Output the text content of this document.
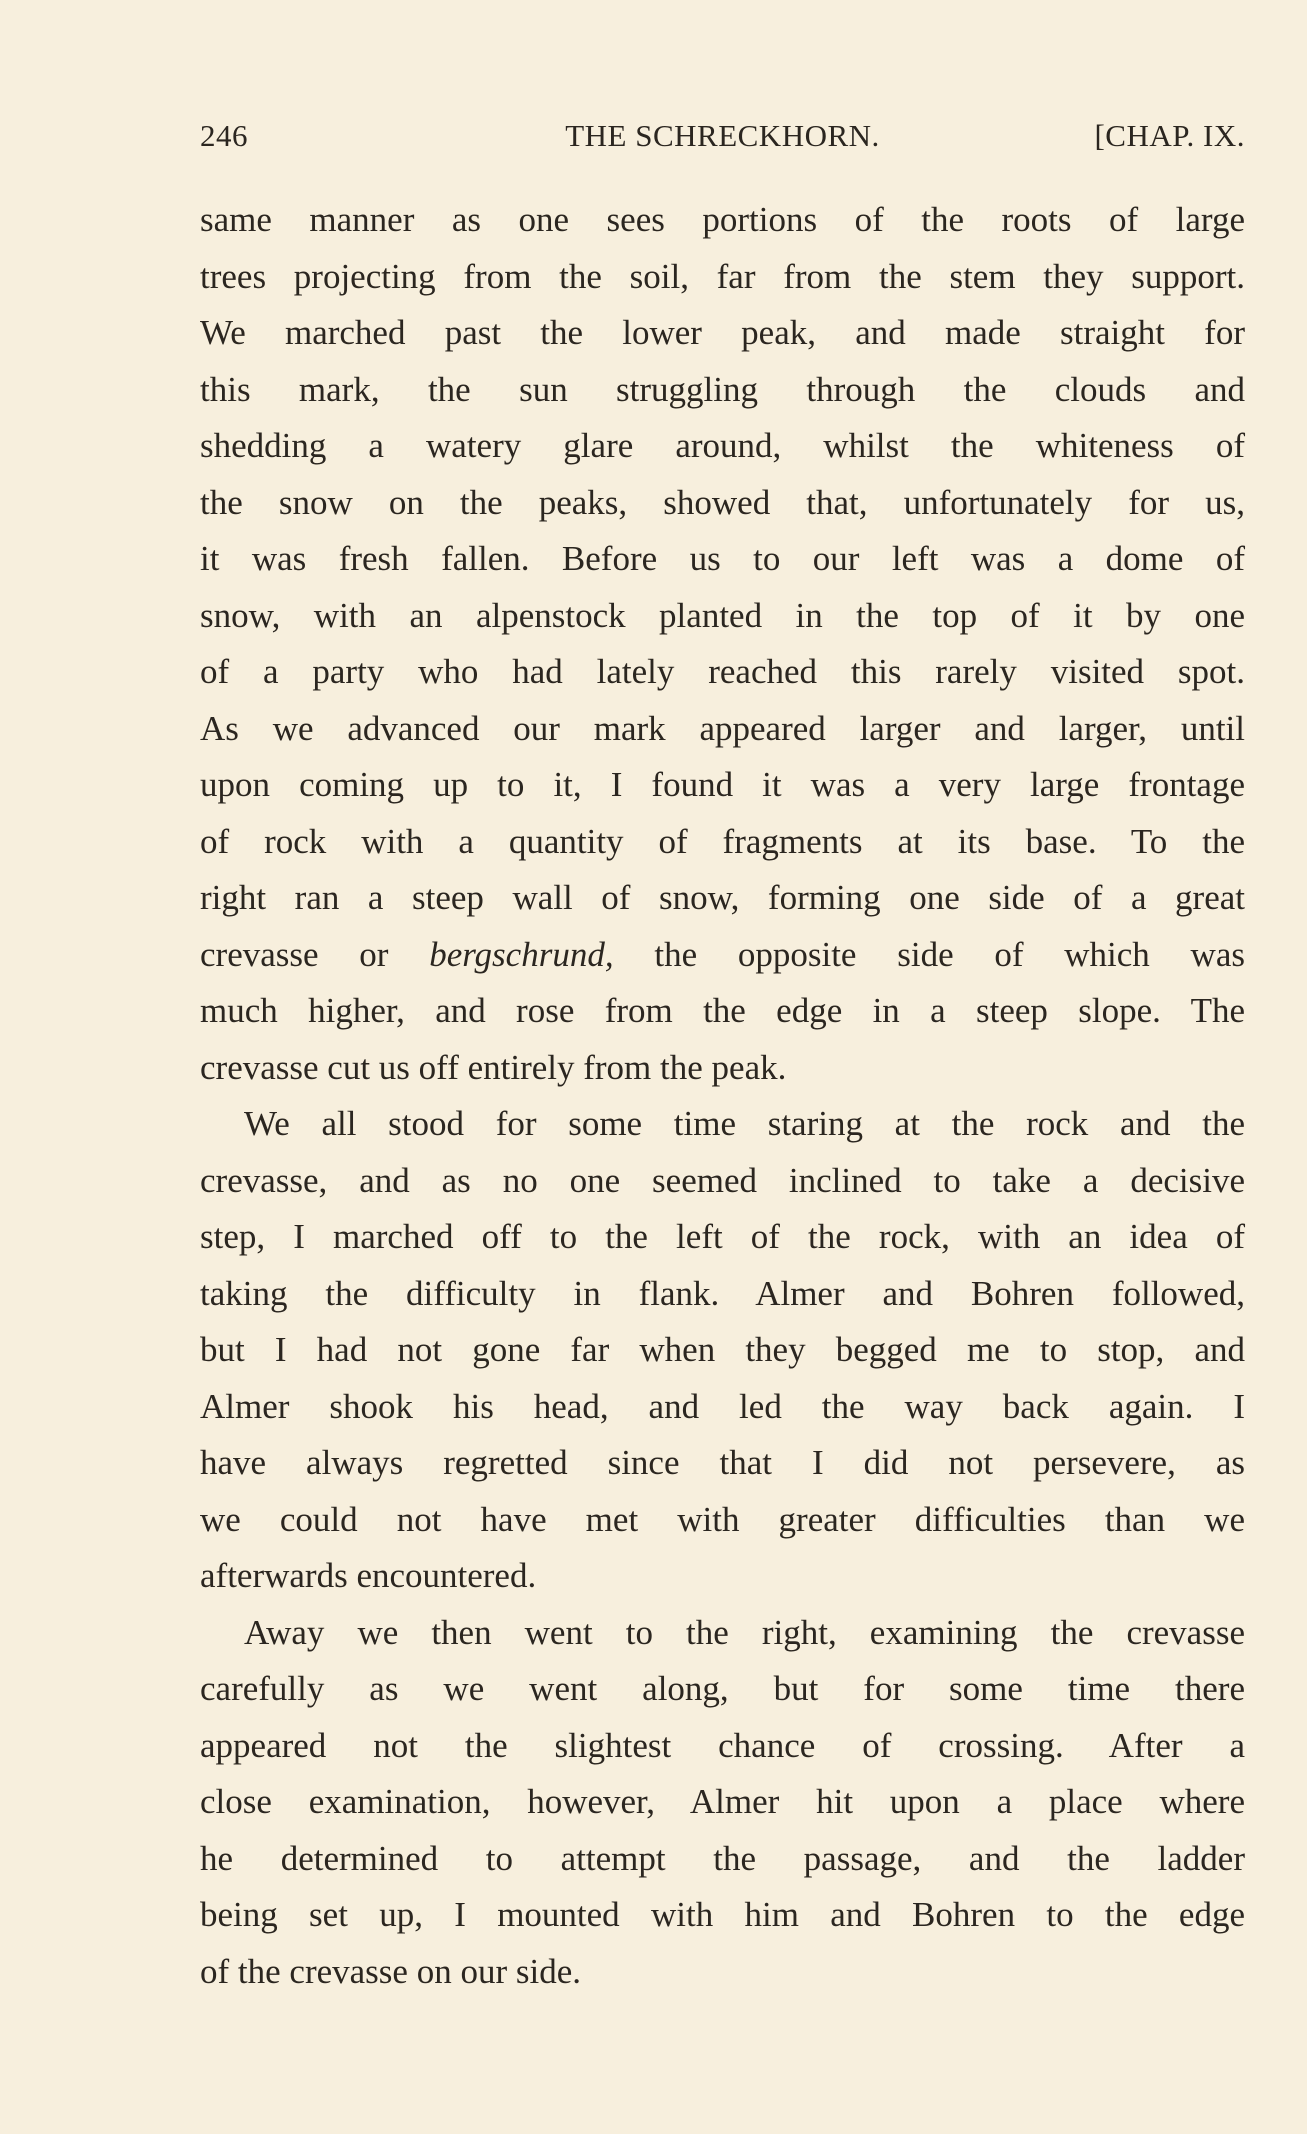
246	THE SCHRECKHORN.	[CHAP. IX.
same manner as one sees portions of the roots of large
trees projecting from the soil, far from the stem they support.
We marched past the lower peak, and made straight for
this mark, the sun struggling through the clouds and
shedding a watery glare around, whilst the whiteness of
the snow on the peaks, showed that, unfortunately for us,
it was fresh fallen. Before us to our left was a dome of
snow, with an alpenstock planted in the top of it by one
of a party who had lately reached this rarely visited spot.
As we advanced our mark appeared larger and larger, until
upon coming up to it, I found it was a very large frontage
of rock with a quantity of fragments at its base. To the
right ran a steep wall of snow, forming one side of a great
crevasse or bergschrund, the opposite side of which was
much higher, and rose from the edge in a steep slope. The
crevasse cut us off entirely from the peak.
We all stood for some time staring at the rock and the
crevasse, and as no one seemed inclined to take a decisive
step, I marched off to the left of the rock, with an idea of
taking the difficulty in flank. Almer and Bohren followed,
but I had not gone far when they begged me to stop, and
Almer shook his head, and led the way back again. I
have always regretted since that I did not persevere, as
we could not have met with greater difficulties than we
afterwards encountered.
Away we then went to the right, examining the crevasse
carefully as we went along, but for some time there
appeared not the slightest chance of crossing. After a
close examination, however, Almer hit upon a place where
he determined to attempt the passage, and the ladder
being set up, I mounted with him and Bohren to the edge
of the crevasse on our side.
